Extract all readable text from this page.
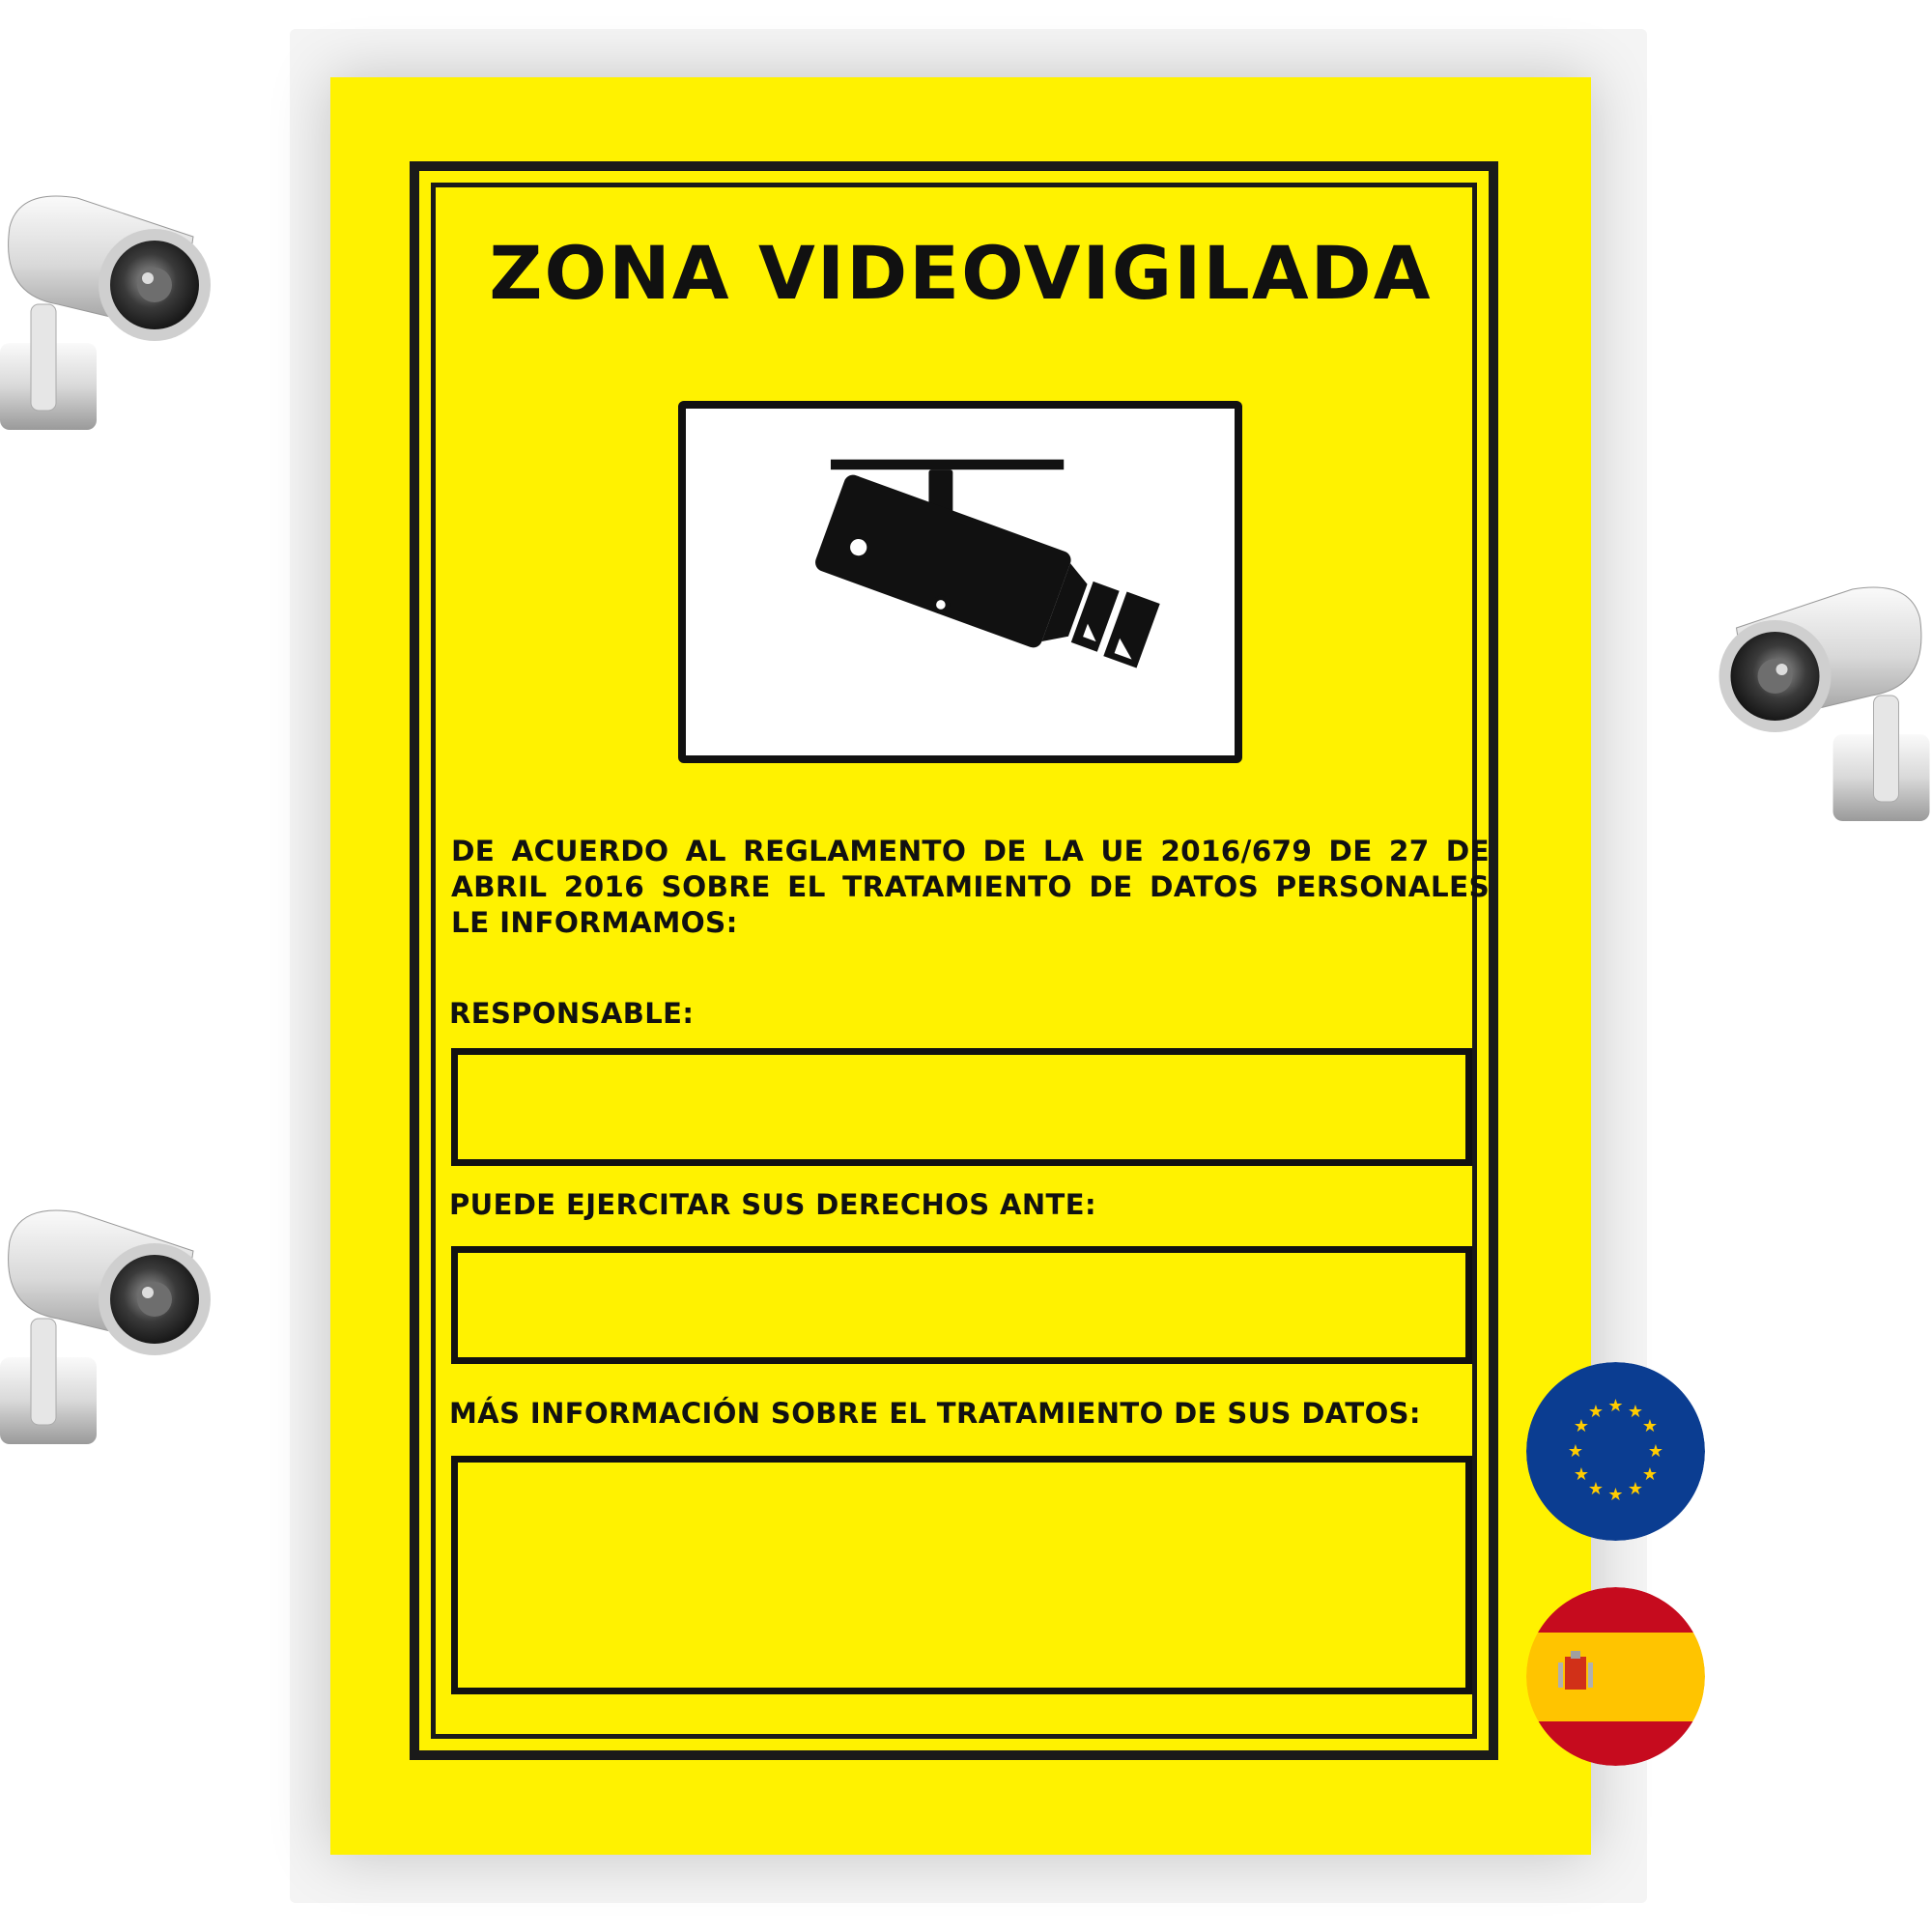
ZONA VIDEOVIGILADA
DE ACUERDO AL REGLAMENTO DE LA UE 2016/679 DE 27 DE ABRIL 2016 SOBRE EL TRATAMIENTO DE DATOS PERSONALES LE INFORMAMOS:
RESPONSABLE:
PUEDE EJERCITAR SUS DERECHOS ANTE:
MÁS INFORMACIÓN SOBRE EL TRATAMIENTO DE SUS DATOS:	★ ★
★
★
★
★
★
★
★
★
★
★
